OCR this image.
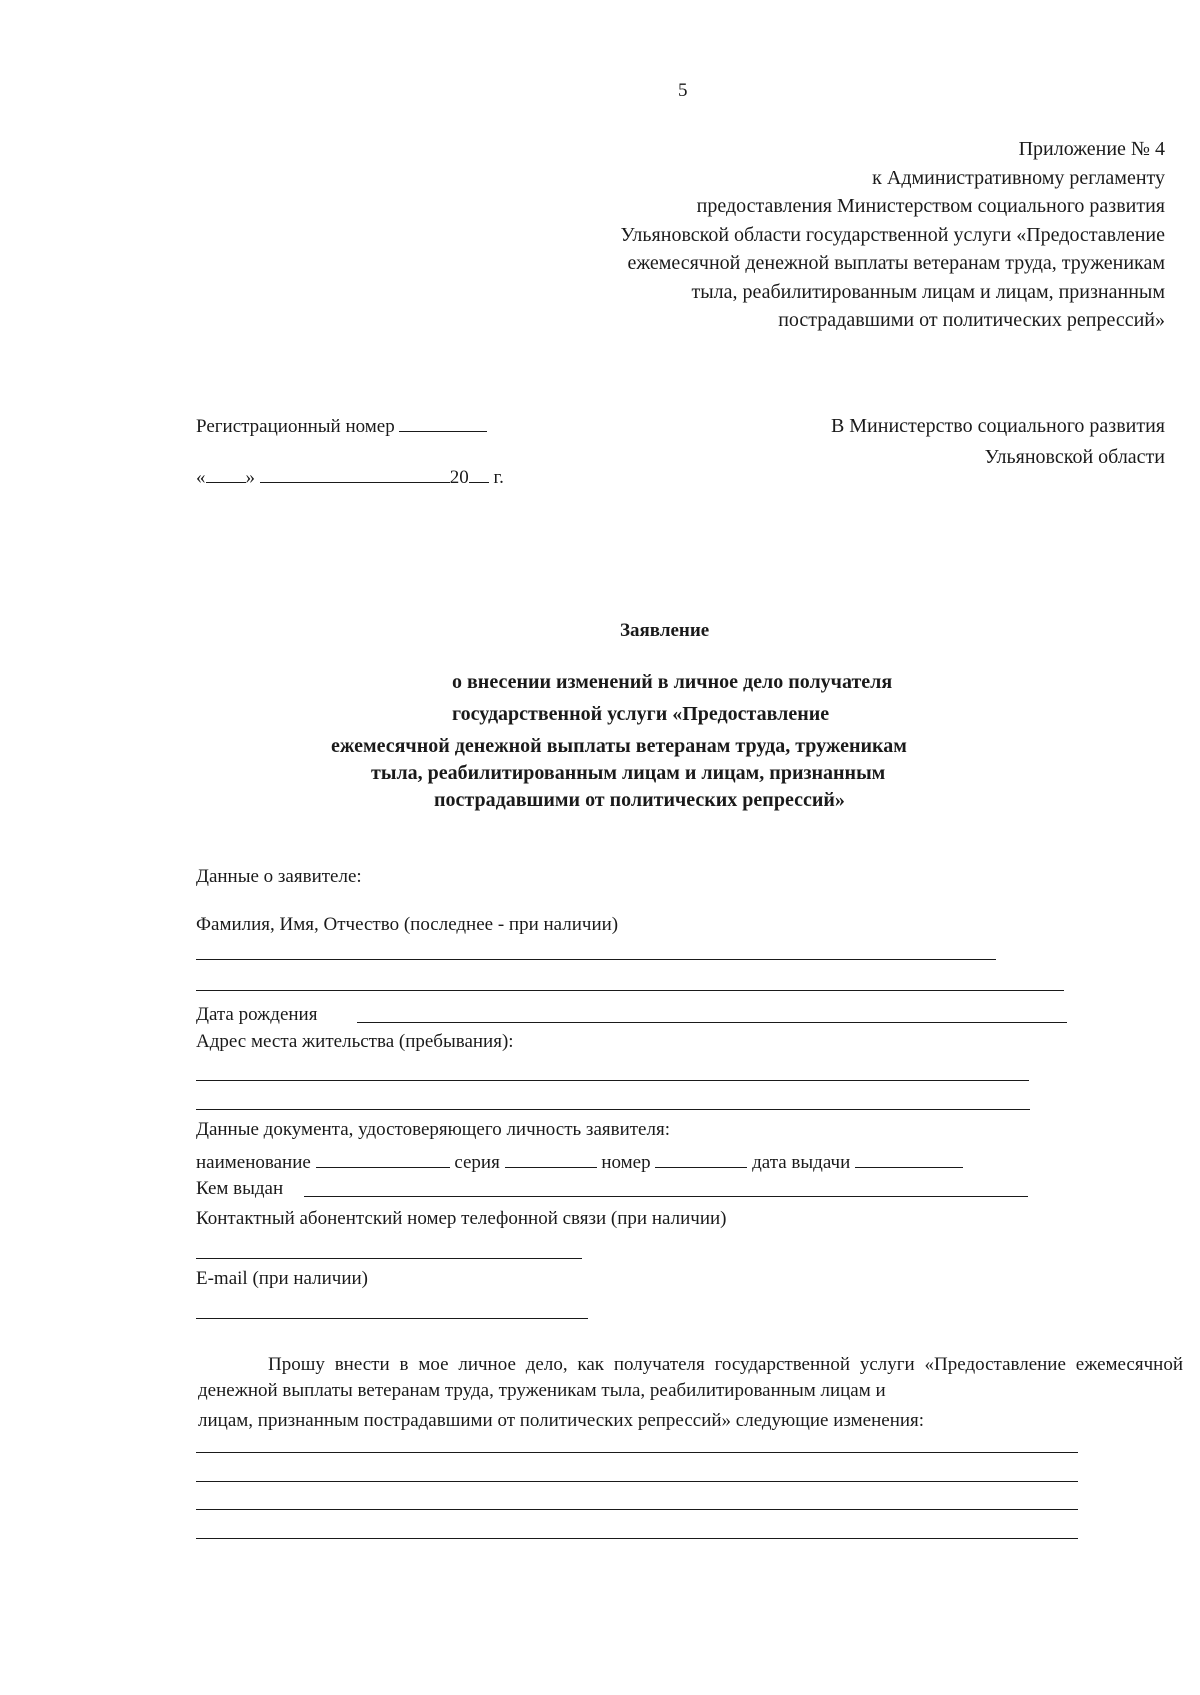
5
Приложение № 4
к Административному регламенту
предоставления Министерством социального развития
Ульяновской области государственной услуги «Предоставление
ежемесячной денежной выплаты ветеранам труда, труженикам
тыла, реабилитированным лицам и лицам, признанным
пострадавшими от политических репрессий»
Регистрационный номер
« »	20 г.
В Министерство социального развития
Ульяновской области
Заявление
о внесении изменений в личное дело получателя
государственной услуги «Предоставление
ежемесячной денежной выплаты ветеранам труда, труженикам
тыла, реабилитированным лицам и лицам, признанным
пострадавшими от политических репрессий»
Данные о заявителе:
Фамилия, Имя, Отчество (последнее - при наличии)
Дата рождения
Адрес места жительства (пребывания):
Данные документа, удостоверяющего личность заявителя:
наименование	серия	номер	дата выдачи
Кем выдан
Контактный абонентский номер телефонной связи (при наличии)
E-mail (при наличии)
Прошу внести в мое личное дело, как получателя государственной услуги «Предоставление ежемесячной денежной выплаты ветеранам труда, труженикам тыла, реабилитированным лицам и
лицам, признанным пострадавшими от политических репрессий» следующие изменения:
